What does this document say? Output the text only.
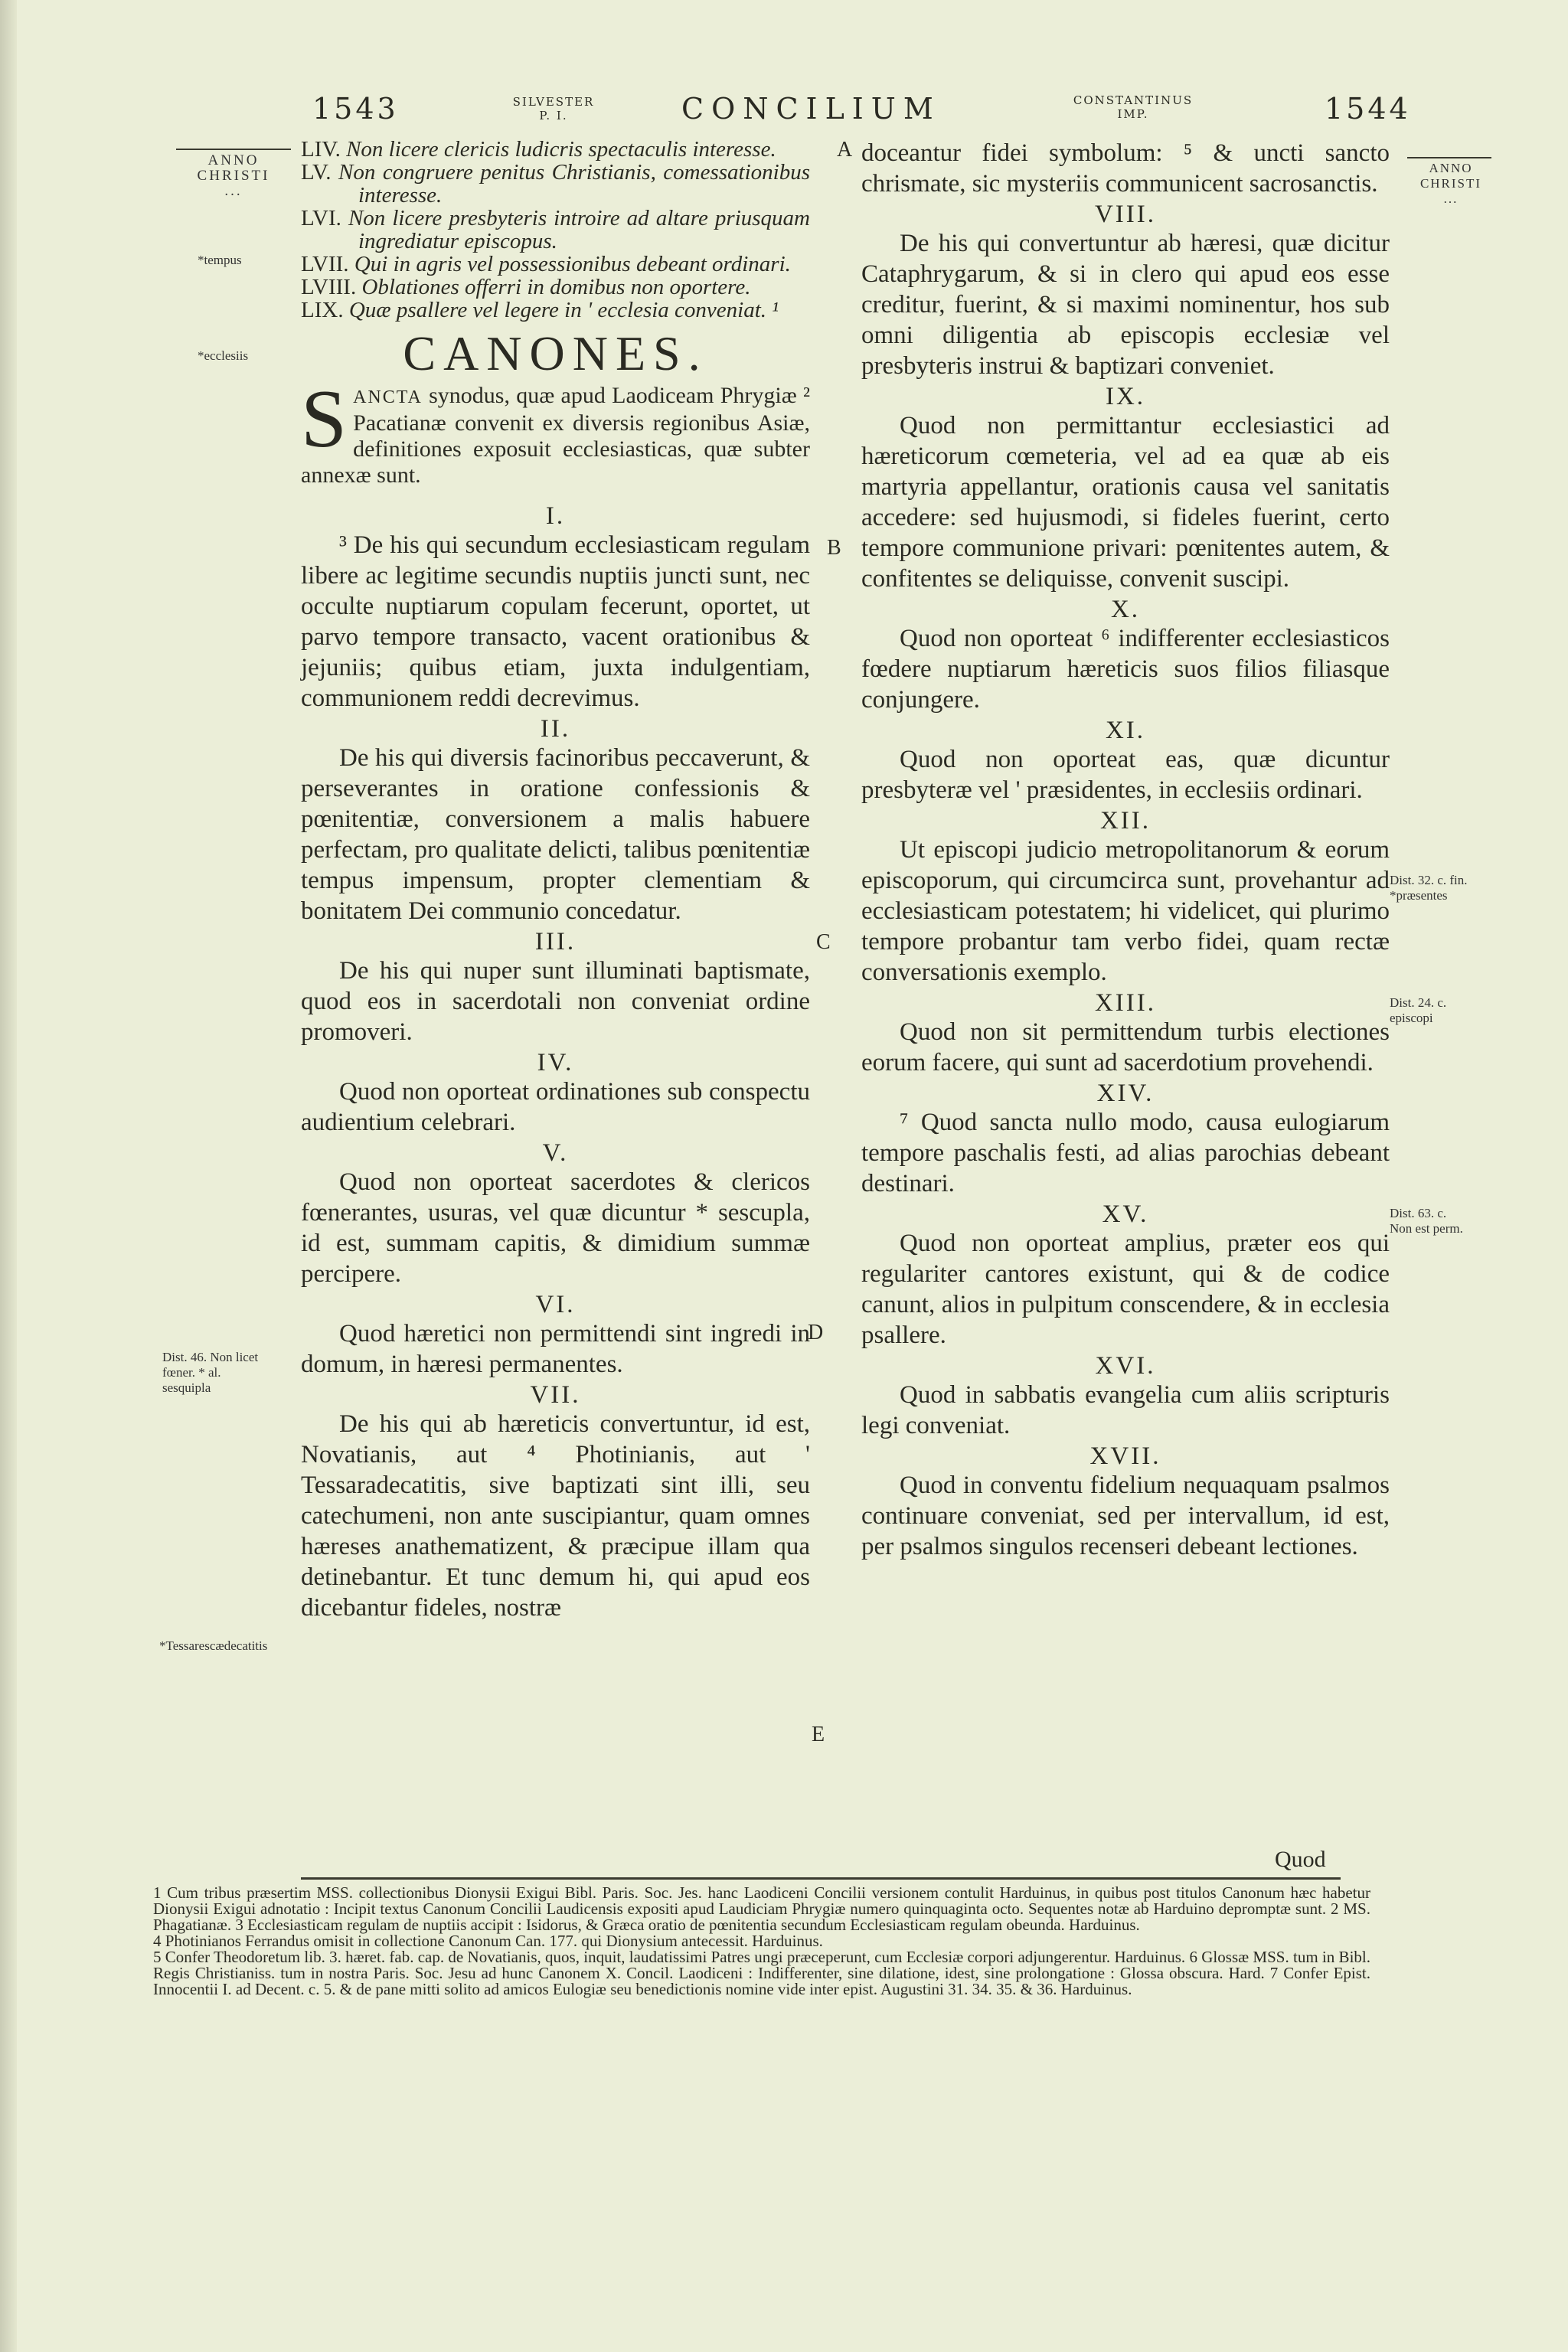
1543	SILVESTER
P. I.	CONCILIUM	CONSTANTINUS
IMP.	1544
ANNO
CHRISTI
...
*tempus
*ecclesiis
Dist. 46. Non licet fœner. * al. sesquipla
*Tessarescædecatitis
ANNO
CHRISTI
...
Dist. 32. c. fin. *præsentes
Dist. 24. c. episcopi
Dist. 63. c. Non est perm.
A
B
C
D
E

LIV. Non licere clericis ludicris spectaculis interesse.

LV. Non congruere penitus Christianis, comessationibus interesse.

LVI. Non licere presbyteris introire ad altare priusquam ingrediatur episcopus.

LVII. Qui in agris vel possessionibus debeant ordinari.

LVIII. Oblationes offerri in domibus non oportere.

LIX. Quæ psallere vel legere in ' ecclesia conveniat. ¹

CANONES.

SANCTA synodus, quæ apud Laodiceam Phrygiæ ² Pacatianæ convenit ex diversis regionibus Asiæ, definitiones exposuit ecclesiasticas, quæ subter annexæ sunt.

I.

³ De his qui secundum ecclesiasticam regulam libere ac legitime secundis nuptiis juncti sunt, nec occulte nuptiarum copulam fecerunt, oportet, ut parvo tempore transacto, vacent orationibus & jejuniis; quibus etiam, juxta indulgentiam, communionem reddi decrevimus.

II.

De his qui diversis facinoribus peccaverunt, & perseverantes in oratione confessionis & pœnitentiæ, conversionem a malis habuere perfectam, pro qualitate delicti, talibus pœnitentiæ tempus impensum, propter clementiam & bonitatem Dei communio concedatur.

III.

De his qui nuper sunt illuminati baptismate, quod eos in sacerdotali non conveniat ordine promoveri.

IV.

Quod non oporteat ordinationes sub conspectu audientium celebrari.

V.

Quod non oporteat sacerdotes & clericos fœnerantes, usuras, vel quæ dicuntur * sescupla, id est, summam capitis, & dimidium summæ percipere.

VI.

Quod hæretici non permittendi sint ingredi in domum, in hæresi permanentes.

VII.

De his qui ab hæreticis convertuntur, id est, Novatianis, aut ⁴ Photinianis, aut ' Tessaradecatitis, sive baptizati sint illi, seu catechumeni, non ante suscipiantur, quam omnes hæreses anathematizent, & præcipue illam qua detinebantur. Et tunc demum hi, qui apud eos dicebantur fideles, nostræ

doceantur fidei symbolum: ⁵ & uncti sancto chrismate, sic mysteriis communicent sacrosanctis.

VIII.

De his qui convertuntur ab hæresi, quæ dicitur Cataphrygarum, & si in clero qui apud eos esse creditur, fuerint, & si maximi nominentur, hos sub omni diligentia ab episcopis ecclesiæ vel presbyteris instrui & baptizari conveniet.

IX.

Quod non permittantur ecclesiastici ad hæreticorum cœmeteria, vel ad ea quæ ab eis martyria appellantur, orationis causa vel sanitatis accedere: sed hujusmodi, si fideles fuerint, certo tempore communione privari: pœnitentes autem, & confitentes se deliquisse, convenit suscipi.

X.

Quod non oporteat ⁶ indifferenter ecclesiasticos fœdere nuptiarum hæreticis suos filios filiasque conjungere.

XI.

Quod non oporteat eas, quæ dicuntur presbyteræ vel ' præsidentes, in ecclesiis ordinari.

XII.

Ut episcopi judicio metropolitanorum & eorum episcoporum, qui circumcirca sunt, provehantur ad ecclesiasticam potestatem; hi videlicet, qui plurimo tempore probantur tam verbo fidei, quam rectæ conversationis exemplo.

XIII.

Quod non sit permittendum turbis electiones eorum facere, qui sunt ad sacerdotium provehendi.

XIV.

⁷ Quod sancta nullo modo, causa eulogiarum tempore paschalis festi, ad alias parochias debeant destinari.

XV.

Quod non oporteat amplius, præter eos qui regulariter cantores existunt, qui & de codice canunt, alios in pulpitum conscendere, & in ecclesia psallere.

XVI.

Quod in sabbatis evangelia cum aliis scripturis legi conveniat.

XVII.

Quod in conventu fidelium nequaquam psalmos continuare conveniat, sed per intervallum, id est, per psalmos singulos recenseri debeant lectiones.

Quod

1 Cum tribus præsertim MSS. collectionibus Dionysii Exigui Bibl. Paris. Soc. Jes. hanc Laodiceni Concilii versionem contulit Harduinus, in quibus post titulos Canonum hæc habetur Dionysii Exigui adnotatio : Incipit textus Canonum Concilii Laudicensis expositi apud Laudiciam Phrygiæ numero quinquaginta octo. Sequentes notæ ab Harduino depromptæ sunt. 2 MS. Phagatianæ. 3 Ecclesiasticam regulam de nuptiis accipit : Isidorus, & Græca oratio de pœnitentia secundum Ecclesiasticam regulam obeunda. Harduinus.

4 Photinianos Ferrandus omisit in collectione Canonum Can. 177. qui Dionysium antecessit. Harduinus.

5 Confer Theodoretum lib. 3. hæret. fab. cap. de Novatianis, quos, inquit, laudatissimi Patres ungi præceperunt, cum Ecclesiæ corpori adjungerentur. Harduinus. 6 Glossæ MSS. tum in Bibl. Regis Christianiss. tum in nostra Paris. Soc. Jesu ad hunc Canonem X. Concil. Laodiceni : Indifferenter, sine dilatione, idest, sine prolongatione : Glossa obscura. Hard. 7 Confer Epist. Innocentii I. ad Decent. c. 5. & de pane mitti solito ad amicos Eulogiæ seu benedictionis nomine vide inter epist. Augustini 31. 34. 35. & 36. Harduinus.
